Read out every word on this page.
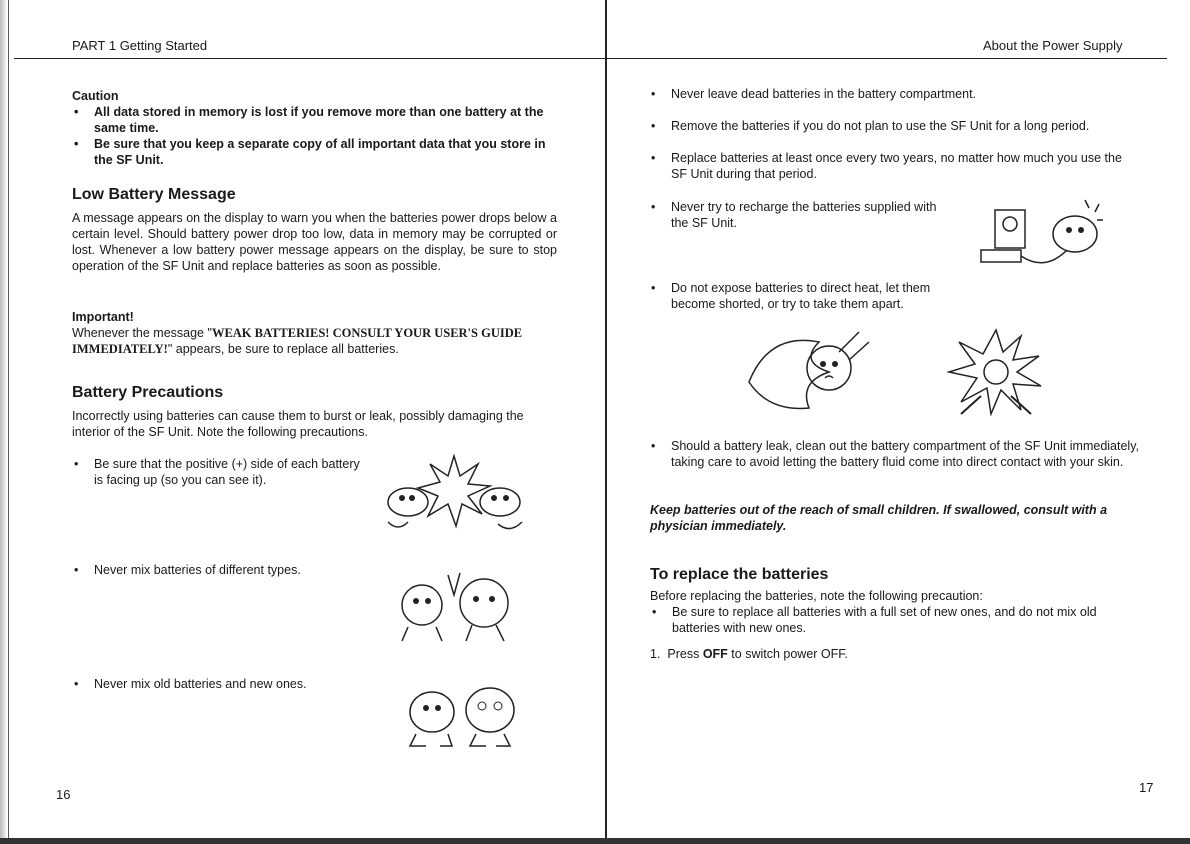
PART 1 Getting Started
Caution
• All data stored in memory is lost if you remove more than one battery at the same time.
• Be sure that you keep a separate copy of all important data that you store in the SF Unit.
Low Battery Message
A message appears on the display to warn you when the batteries power drops below a certain level. Should battery power drop too low, data in memory may be corrupted or lost. Whenever a low battery power message appears on the display, be sure to stop operation of the SF Unit and replace batteries as soon as possible.
Important!
Whenever the message "WEAK BATTERIES! CONSULT YOUR USER'S GUIDE IMMEDIATELY!" appears, be sure to replace all batteries.
Battery Precautions
Incorrectly using batteries can cause them to burst or leak, possibly damaging the interior of the SF Unit. Note the following precautions.
• Be sure that the positive (+) side of each battery is facing up (so you can see it).
• Never mix batteries of different types.
• Never mix old batteries and new ones.
16
About the Power Supply
• Never leave dead batteries in the battery compartment.
• Remove the batteries if you do not plan to use the SF Unit for a long period.
• Replace batteries at least once every two years, no matter how much you use the SF Unit during that period.
• Never try to recharge the batteries supplied with the SF Unit.
• Do not expose batteries to direct heat, let them become shorted, or try to take them apart.
• Should a battery leak, clean out the battery compartment of the SF Unit immediately, taking care to avoid letting the battery fluid come into direct contact with your skin.
Keep batteries out of the reach of small children. If swallowed, consult with a physician immediately.
To replace the batteries
Before replacing the batteries, note the following precaution:
• Be sure to replace all batteries with a full set of new ones, and do not mix old batteries with new ones.
1. Press OFF to switch power OFF.
17
